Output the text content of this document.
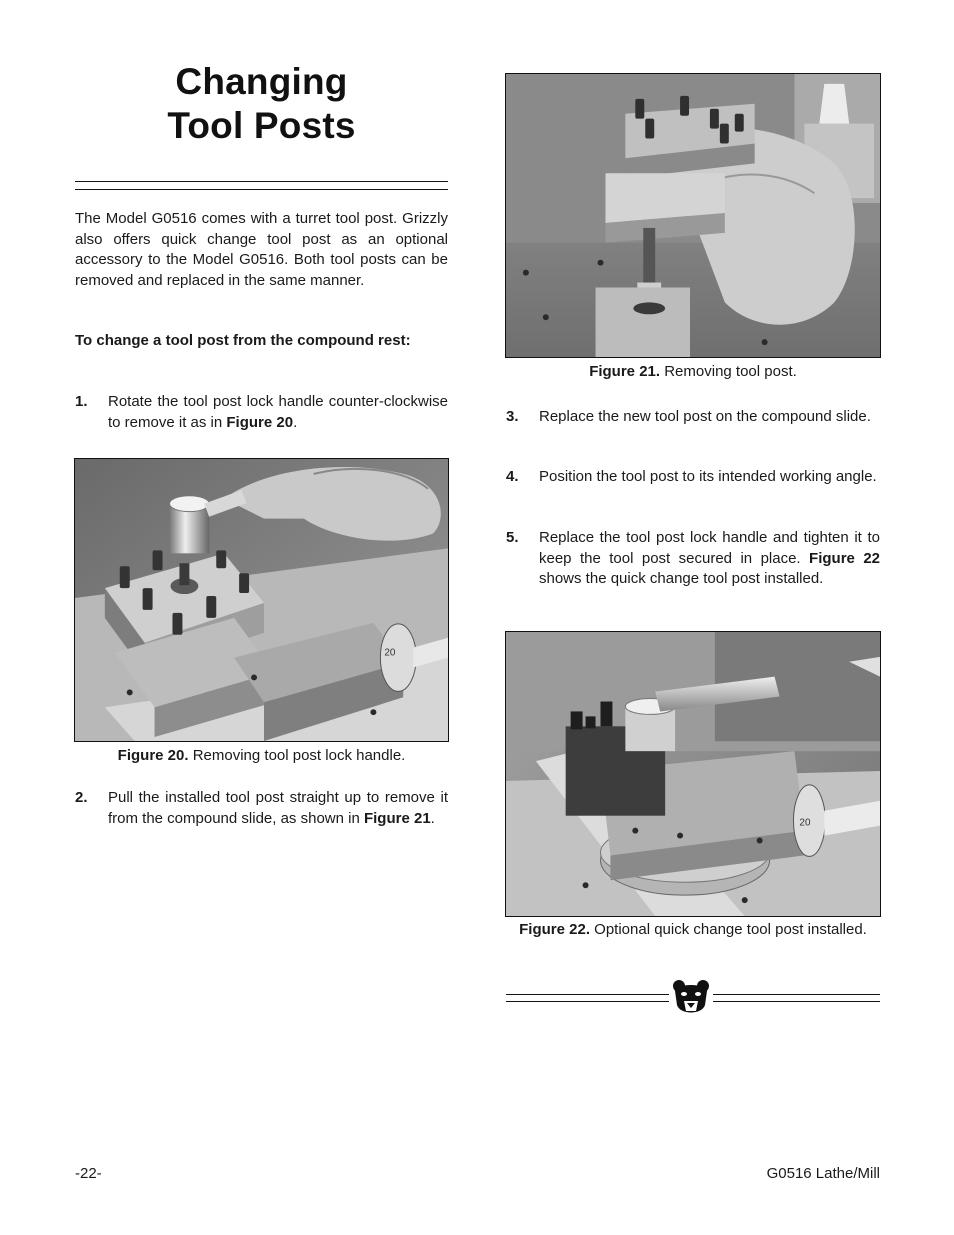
Changing
Tool Posts

The Model G0516 comes with a turret tool post. Grizzly also offers quick change tool post as an optional accessory to the Model G0516. Both tool posts can be removed and replaced in the same manner.

To change a tool post from the compound rest:

1. Rotate the tool post lock handle counter-clockwise to remove it as in Figure 20.
20
Figure 20. Removing tool post lock handle.
2. Pull the installed tool post straight up to remove it from the compound slide, as shown in Figure 21.
Figure 21. Removing tool post.
3. Replace the new tool post on the compound slide.
4. Position the tool post to its intended working angle.
5. Replace the tool post lock handle and tighten it to keep the tool post secured in place. Figure 22 shows the quick change tool post installed.
20
Figure 22. Optional quick change tool post installed.
-22-	G0516 Lathe/Mill
